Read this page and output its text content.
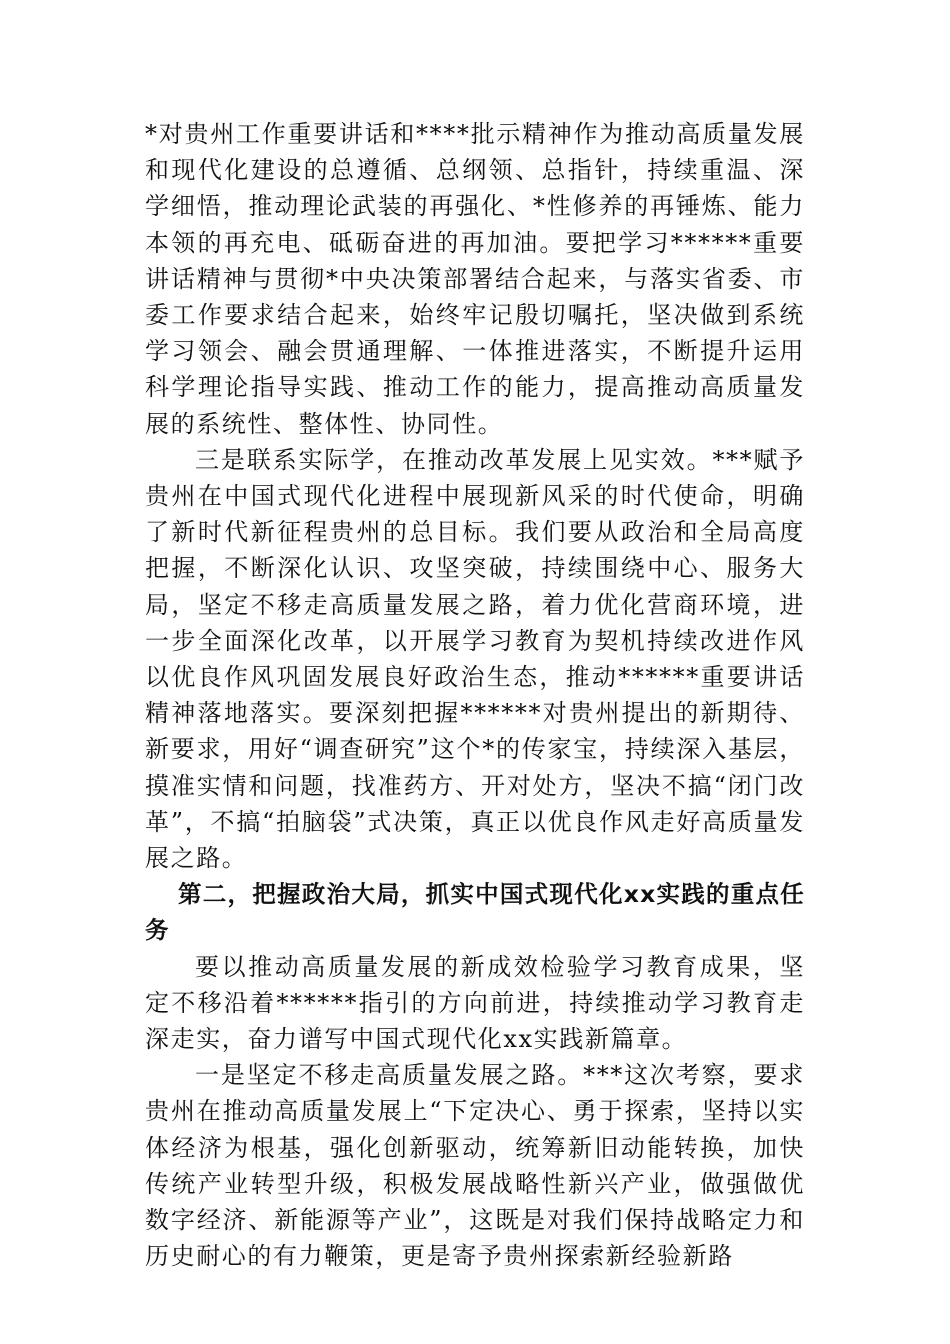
*对贵州工作重要讲话和****批示精神作为推动高质量发展和现代化建设的总遵循、总纲领、总指针，持续重温、深学细悟，推动理论武装的再强化、*性修养的再锤炼、能力本领的再充电、砥砺奋进的再加油。要把学习******重要讲话精神与贯彻*中央决策部署结合起来，与落实省委、市委工作要求结合起来，始终牢记殷切嘱托，坚决做到系统学习领会、融会贯通理解、一体推进落实，不断提升运用科学理论指导实践、推动工作的能力，提高推动高质量发展的系统性、整体性、协同性。

三是联系实际学，在推动改革发展上见实效。***赋予贵州在中国式现代化进程中展现新风采的时代使命，明确了新时代新征程贵州的总目标。我们要从政治和全局高度把握，不断深化认识、攻坚突破，持续围绕中心、服务大局，坚定不移走高质量发展之路，着力优化营商环境，进一步全面深化改革，以开展学习教育为契机持续改进作风以优良作风巩固发展良好政治生态，推动******重要讲话精神落地落实。要深刻把握******对贵州提出的新期待、新要求，用好“调查研究”这个*的传家宝，持续深入基层，摸准实情和问题，找准药方、开对处方，坚决不搞“闭门改革”，不搞“拍脑袋”式决策，真正以优良作风走好高质量发展之路。

第二，把握政治大局，抓实中国式现代化xx实践的重点任务

要以推动高质量发展的新成效检验学习教育成果，坚定不移沿着******指引的方向前进，持续推动学习教育走深走实，奋力谱写中国式现代化xx实践新篇章。

一是坚定不移走高质量发展之路。***这次考察，要求贵州在推动高质量发展上“下定决心、勇于探索，坚持以实体经济为根基，强化创新驱动，统筹新旧动能转换，加快传统产业转型升级，积极发展战略性新兴产业，做强做优数字经济、新能源等产业”，这既是对我们保持战略定力和历史耐心的有力鞭策，更是寄予贵州探索新经验新路
